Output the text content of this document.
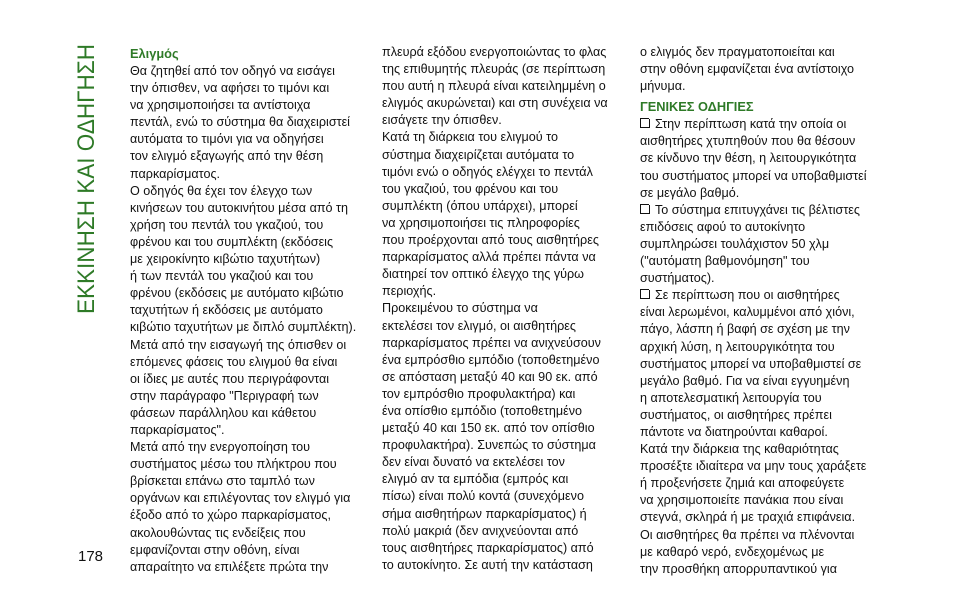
ΕΚΚΙΝΗΣΗ ΚΑΙ ΟΔΗΓΗΣΗ Ελιγμός
Θα ζητηθεί από τον οδηγό να εισάγει
την όπισθεν, να αφήσει το τιμόνι και
να χρησιμοποιήσει τα αντίστοιχα
πεντάλ, ενώ το σύστημα θα διαχειριστεί
αυτόματα το τιμόνι για να οδηγήσει
τον ελιγμό εξαγωγής από την θέση
παρκαρίσματος.
Ο οδηγός θα έχει τον έλεγχο των
κινήσεων του αυτοκινήτου μέσα από τη
χρήση του πεντάλ του γκαζιού, του
φρένου και του συμπλέκτη (εκδόσεις
με χειροκίνητο κιβώτιο ταχυτήτων)
ή των πεντάλ του γκαζιού και του
φρένου (εκδόσεις με αυτόματο κιβώτιο
ταχυτήτων ή εκδόσεις με αυτόματο
κιβώτιο ταχυτήτων με διπλό συμπλέκτη).
Μετά από την εισαγωγή της όπισθεν οι
επόμενες φάσεις του ελιγμού θα είναι
οι ίδιες με αυτές που περιγράφονται
στην παράγραφο "Περιγραφή των
φάσεων παράλληλου και κάθετου
παρκαρίσματος".
Μετά από την ενεργοποίηση του
συστήματος μέσω του πλήκτρου που
βρίσκεται επάνω στο ταμπλό των
οργάνων και επιλέγοντας τον ελιγμό για
έξοδο από το χώρο παρκαρίσματος,
ακολουθώντας τις ενδείξεις που
εμφανίζονται στην οθόνη, είναι
απαραίτητο να επιλέξετε πρώτα την
πλευρά εξόδου ενεργοποιώντας το φλας
της επιθυμητής πλευράς (σε περίπτωση
που αυτή η πλευρά είναι κατειλημμένη ο
ελιγμός ακυρώνεται) και στη συνέχεια να
εισάγετε την όπισθεν.
Κατά τη διάρκεια του ελιγμού το
σύστημα διαχειρίζεται αυτόματα το
τιμόνι ενώ ο οδηγός ελέγχει το πεντάλ
του γκαζιού, του φρένου και του
συμπλέκτη (όπου υπάρχει), μπορεί
να χρησιμοποιήσει τις πληροφορίες
που προέρχονται από τους αισθητήρες
παρκαρίσματος αλλά πρέπει πάντα να
διατηρεί τον οπτικό έλεγχο της γύρω
περιοχής.
Προκειμένου το σύστημα να
εκτελέσει τον ελιγμό, οι αισθητήρες
παρκαρίσματος πρέπει να ανιχνεύσουν
ένα εμπρόσθιο εμπόδιο (τοποθετημένο
σε απόσταση μεταξύ 40 και 90 εκ. από
τον εμπρόσθιο προφυλακτήρα) και
ένα οπίσθιο εμπόδιο (τοποθετημένο
μεταξύ 40 και 150 εκ. από τον οπίσθιο
προφυλακτήρα). Συνεπώς το σύστημα
δεν είναι δυνατό να εκτελέσει τον
ελιγμό αν τα εμπόδια (εμπρός και
πίσω) είναι πολύ κοντά (συνεχόμενο
σήμα αισθητήρων παρκαρίσματος) ή
πολύ μακριά (δεν ανιχνεύονται από
τους αισθητήρες παρκαρίσματος) από
το αυτοκίνητο. Σε αυτή την κατάσταση
ο ελιγμός δεν πραγματοποιείται και
στην οθόνη εμφανίζεται ένα αντίστοιχο
μήνυμα.
ΓΕΝΙΚΕΣ ΟΔΗΓΙΕΣ
Στην περίπτωση κατά την οποία οι
αισθητήρες χτυπηθούν που θα θέσουν
σε κίνδυνο την θέση, η λειτουργικότητα
του συστήματος μπορεί να υποβαθμιστεί
σε μεγάλο βαθμό.
Το σύστημα επιτυγχάνει τις βέλτιστες
επιδόσεις αφού το αυτοκίνητο
συμπληρώσει τουλάχιστον 50 χλμ
("αυτόματη βαθμονόμηση" του
συστήματος).
Σε περίπτωση που οι αισθητήρες
είναι λερωμένοι, καλυμμένοι από χιόνι,
πάγο, λάσπη ή βαφή σε σχέση με την
αρχική λύση, η λειτουργικότητα του
συστήματος μπορεί να υποβαθμιστεί σε
μεγάλο βαθμό. Για να είναι εγγυημένη
η αποτελεσματική λειτουργία του
συστήματος, οι αισθητήρες πρέπει
πάντοτε να διατηρούνται καθαροί.
Κατά την διάρκεια της καθαριότητας
προσέξτε ιδιαίτερα να μην τους χαράξετε
ή προξενήσετε ζημιά και αποφεύγετε
να χρησιμοποιείτε πανάκια που είναι
στεγνά, σκληρά ή με τραχιά επιφάνεια.
Οι αισθητήρες θα πρέπει να πλένονται
με καθαρό νερό, ενδεχομένως με
την προσθήκη απορρυπαντικού για
178
